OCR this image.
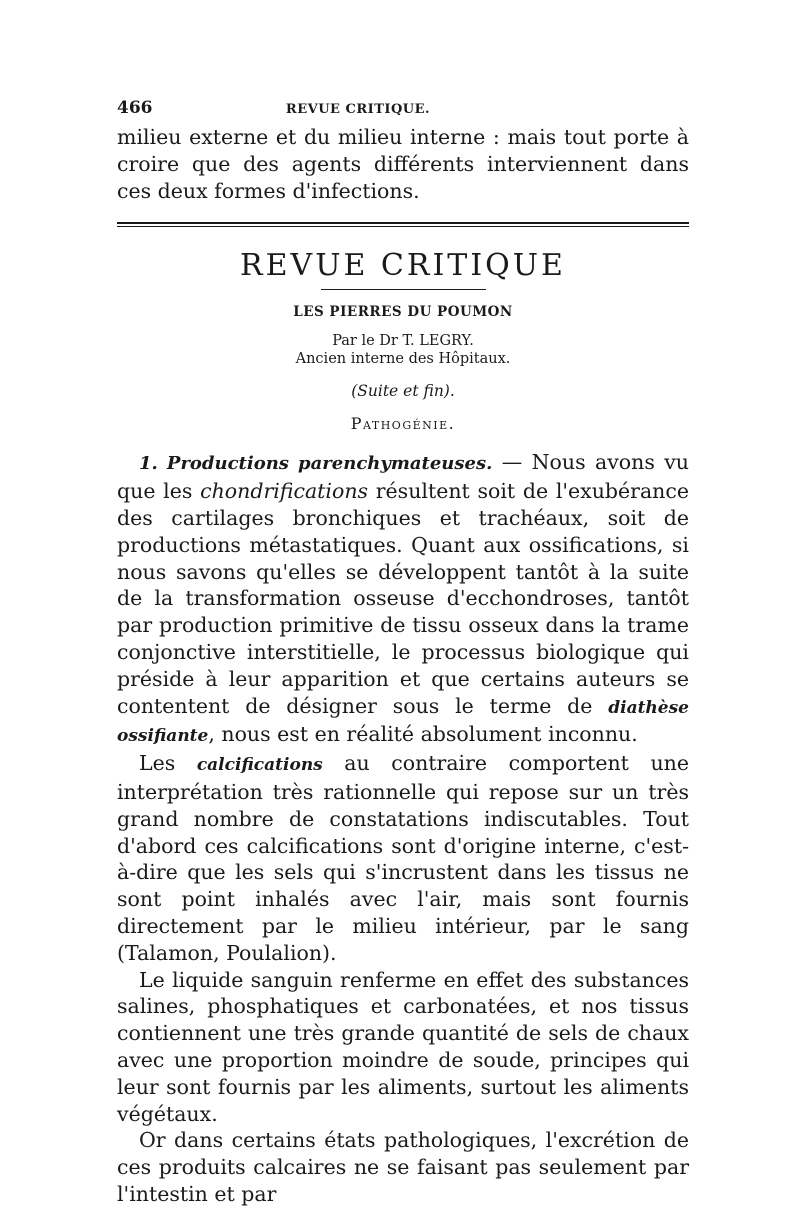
466	REVUE CRITIQUE.

milieu externe et du milieu interne : mais tout porte à croire que des agents différents interviennent dans ces deux formes d'infections.

REVUE CRITIQUE
LES PIERRES DU POUMON
Par le Dr T. LEGRY.
Ancien interne des Hôpitaux.
(Suite et fin).
Pathogénie.

1. Productions parenchymateuses. — Nous avons vu que les chondrifications résultent soit de l'exubérance des cartilages bronchiques et trachéaux, soit de productions métastatiques. Quant aux ossifications, si nous savons qu'elles se développent tantôt à la suite de la transformation osseuse d'ecchondroses, tantôt par production primitive de tissu osseux dans la trame conjonctive interstitielle, le processus biologique qui préside à leur apparition et que certains auteurs se contentent de désigner sous le terme de diathèse ossifiante, nous est en réalité absolument inconnu.

Les calcifications au contraire comportent une interprétation très rationnelle qui repose sur un très grand nombre de constatations indiscutables. Tout d'abord ces calcifications sont d'origine interne, c'est-à-dire que les sels qui s'incrustent dans les tissus ne sont point inhalés avec l'air, mais sont fournis directement par le milieu intérieur, par le sang (Talamon, Poulalion).

Le liquide sanguin renferme en effet des substances salines, phosphatiques et carbonatées, et nos tissus contiennent une très grande quantité de sels de chaux avec une proportion moindre de soude, principes qui leur sont fournis par les aliments, surtout les aliments végétaux.

Or dans certains états pathologiques, l'excrétion de ces produits calcaires ne se faisant pas seulement par l'intestin et par
